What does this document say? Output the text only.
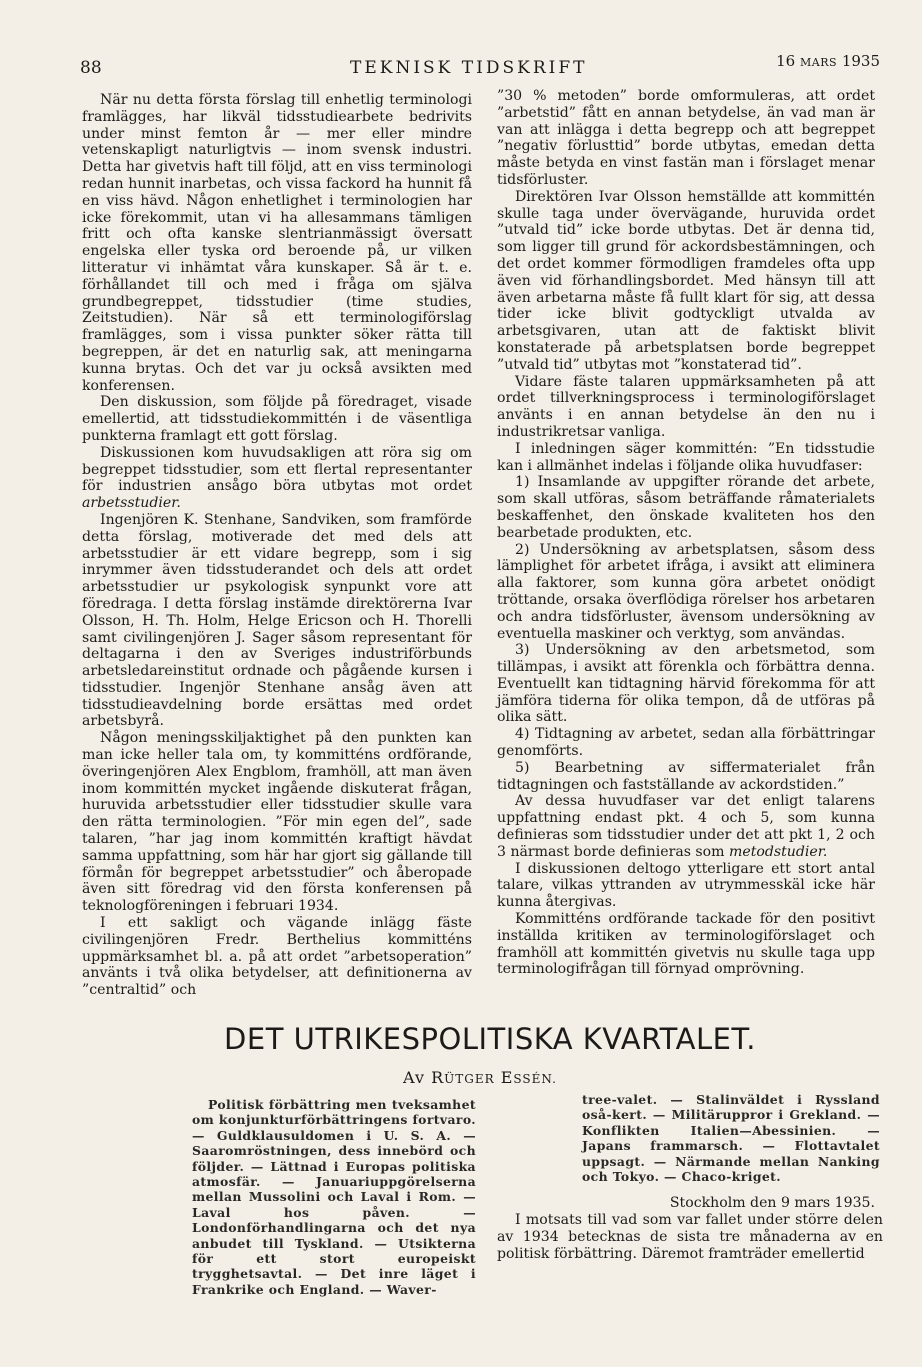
88	TEKNISK TIDSKRIFT	16 MARS 1935

När nu detta första förslag till enhetlig terminologi framlägges, har likväl tidsstudiearbete bedrivits under minst femton år — mer eller mindre vetenskapligt naturligtvis — inom svensk industri. Detta har givetvis haft till följd, att en viss terminologi redan hunnit inarbetas, och vissa fackord ha hunnit få en viss hävd. Någon enhetlighet i terminologien har icke förekommit, utan vi ha allesammans tämligen fritt och ofta kanske slentrianmässigt översatt engelska eller tyska ord beroende på, ur vilken litteratur vi inhämtat våra kunskaper. Så är t. e. förhållandet till och med i fråga om själva grundbegreppet, tidsstudier (time studies, Zeitstudien). När så ett terminologiförslag framlägges, som i vissa punkter söker rätta till begreppen, är det en naturlig sak, att meningarna kunna brytas. Och det var ju också avsikten med konferensen.

Den diskussion, som följde på föredraget, visade emellertid, att tidsstudiekommittén i de väsentliga punkterna framlagt ett gott förslag.

Diskussionen kom huvudsakligen att röra sig om begreppet tidsstudier, som ett flertal representanter för industrien ansågo böra utbytas mot ordet arbetsstudier.

Ingenjören K. Stenhane, Sandviken, som framförde detta förslag, motiverade det med dels att arbetsstudier är ett vidare begrepp, som i sig inrymmer även tidsstuderandet och dels att ordet arbetsstudier ur psykologisk synpunkt vore att föredraga. I detta förslag instämde direktörerna Ivar Olsson, H. Th. Holm, Helge Ericson och H. Thorelli samt civilingenjören J. Sager såsom representant för deltagarna i den av Sveriges industriförbunds arbetsledareinstitut ordnade och pågående kursen i tidsstudier. Ingenjör Stenhane ansåg även att tidsstudieavdelning borde ersättas med ordet arbetsbyrå.

Någon meningsskiljaktighet på den punkten kan man icke heller tala om, ty kommitténs ordförande, överingenjören Alex Engblom, framhöll, att man även inom kommittén mycket ingående diskuterat frågan, huruvida arbetsstudier eller tidsstudier skulle vara den rätta terminologien. ”För min egen del”, sade talaren, ”har jag inom kommittén kraftigt hävdat samma uppfattning, som här har gjort sig gällande till förmån för begreppet arbetsstudier” och åberopade även sitt föredrag vid den första konferensen på teknologföreningen i februari 1934.

I ett sakligt och vägande inlägg fäste civilingenjören Fredr. Berthelius kommitténs uppmärksamhet bl. a. på att ordet ”arbetsoperation” använts i två olika betydelser, att definitionerna av ”centraltid” och

”30 % metoden” borde omformuleras, att ordet ”arbetstid” fått en annan betydelse, än vad man är van att inlägga i detta begrepp och att begreppet ”negativ förlusttid” borde utbytas, emedan detta måste betyda en vinst fastän man i förslaget menar tidsförluster.

Direktören Ivar Olsson hemställde att kommittén skulle taga under övervägande, huruvida ordet ”utvald tid” icke borde utbytas. Det är denna tid, som ligger till grund för ackordsbestämningen, och det ordet kommer förmodligen framdeles ofta upp även vid förhandlingsbordet. Med hänsyn till att även arbetarna måste få fullt klart för sig, att dessa tider icke blivit godtyckligt utvalda av arbetsgivaren, utan att de faktiskt blivit konstaterade på arbetsplatsen borde begreppet ”utvald tid” utbytas mot ”konstaterad tid”.

Vidare fäste talaren uppmärksamheten på att ordet tillverkningsprocess i terminologiförslaget använts i en annan betydelse än den nu i industrikretsar vanliga.

I inledningen säger kommittén: ”En tidsstudie kan i allmänhet indelas i följande olika huvudfaser:

1) Insamlande av uppgifter rörande det arbete, som skall utföras, såsom beträffande råmaterialets beskaffenhet, den önskade kvaliteten hos den bearbetade produkten, etc.

2) Undersökning av arbetsplatsen, såsom dess lämplighet för arbetet ifråga, i avsikt att eliminera alla faktorer, som kunna göra arbetet onödigt tröttande, orsaka överflödiga rörelser hos arbetaren och andra tidsförluster, ävensom undersökning av eventuella maskiner och verktyg, som användas.

3) Undersökning av den arbetsmetod, som tillämpas, i avsikt att förenkla och förbättra denna. Eventuellt kan tidtagning härvid förekomma för att jämföra tiderna för olika tempon, då de utföras på olika sätt.

4) Tidtagning av arbetet, sedan alla förbättringar genomförts.

5) Bearbetning av siffermaterialet från tidtagningen och fastställande av ackordstiden.”

Av dessa huvudfaser var det enligt talarens uppfattning endast pkt. 4 och 5, som kunna definieras som tidsstudier under det att pkt 1, 2 och 3 närmast borde definieras som metodstudier.

I diskussionen deltogo ytterligare ett stort antal talare, vilkas yttranden av utrymmesskäl icke här kunna återgivas.

Kommitténs ordförande tackade för den positivt inställda kritiken av terminologiförslaget och framhöll att kommittén givetvis nu skulle taga upp terminologifrågan till förnyad omprövning.

DET UTRIKESPOLITISKA KVARTALET.
Av RÜTGER ESSÉN.
Politisk förbättring men tveksamhet om konjunkturförbättringens fortvaro. — Guldklausuldomen i U. S. A. — Saaromröstningen, dess innebörd och följder. — Lättnad i Europas politiska atmosfär. — Januariuppgörelserna mellan Mussolini och Laval i Rom. — Laval hos påven. — Londonförhandlingarna och det nya anbudet till Tyskland. — Utsikterna för ett stort europeiskt trygghetsavtal. — Det inre läget i Frankrike och England. — Waver-
tree-valet. — Stalinväldet i Ryssland oså-kert. — Militäruppror i Grekland. — Konflikten Italien—Abessinien. — Japans frammarsch. — Flottavtalet uppsagt. — Närmande mellan Nanking och Tokyo. — Chaco-kriget.
Stockholm den 9 mars 1935.

I motsats till vad som var fallet under större delen av 1934 betecknas de sista tre månaderna av en politisk förbättring. Däremot framträder emellertid
